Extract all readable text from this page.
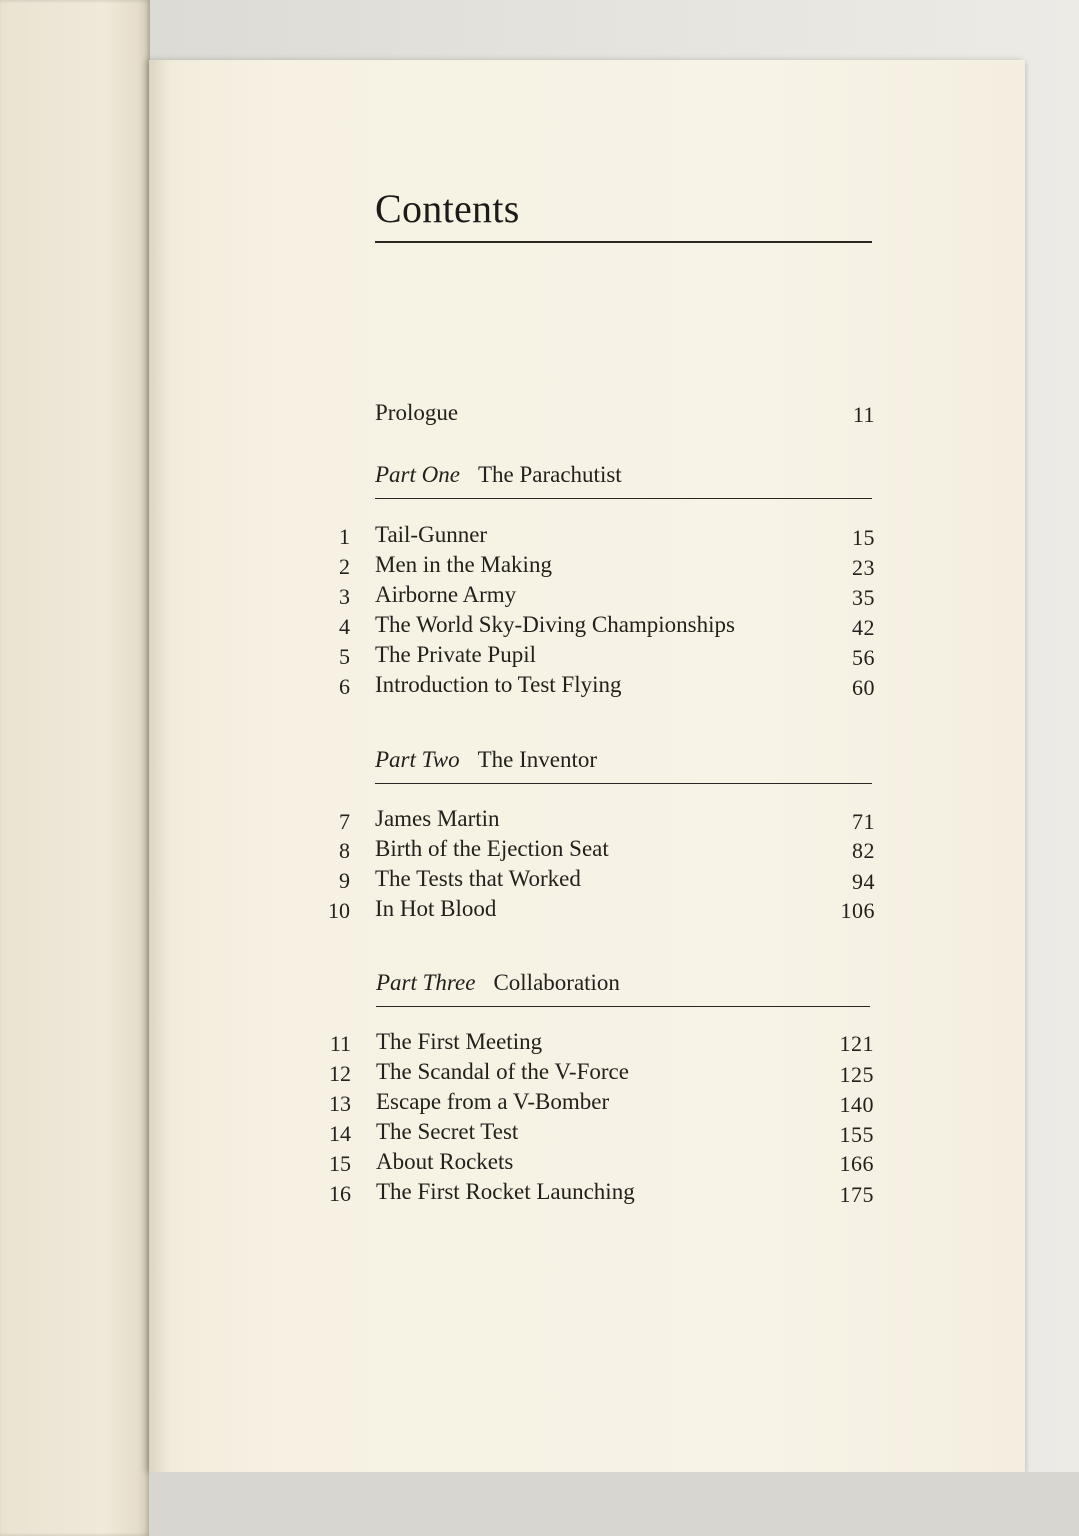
Contents
Prologue	11
Part One The Parachutist
1 Tail-Gunner	15
2 Men in the Making	23
3 Airborne Army	35
4 The World Sky-Diving Championships	42
5 The Private Pupil	56
6 Introduction to Test Flying	60
Part Two The Inventor
7 James Martin	71
8 Birth of the Ejection Seat	82
9 The Tests that Worked	94
10 In Hot Blood	106
Part Three Collaboration
11 The First Meeting	121
12 The Scandal of the V-Force	125
13 Escape from a V-Bomber	140
14 The Secret Test	155
15 About Rockets	166
16 The First Rocket Launching	175
